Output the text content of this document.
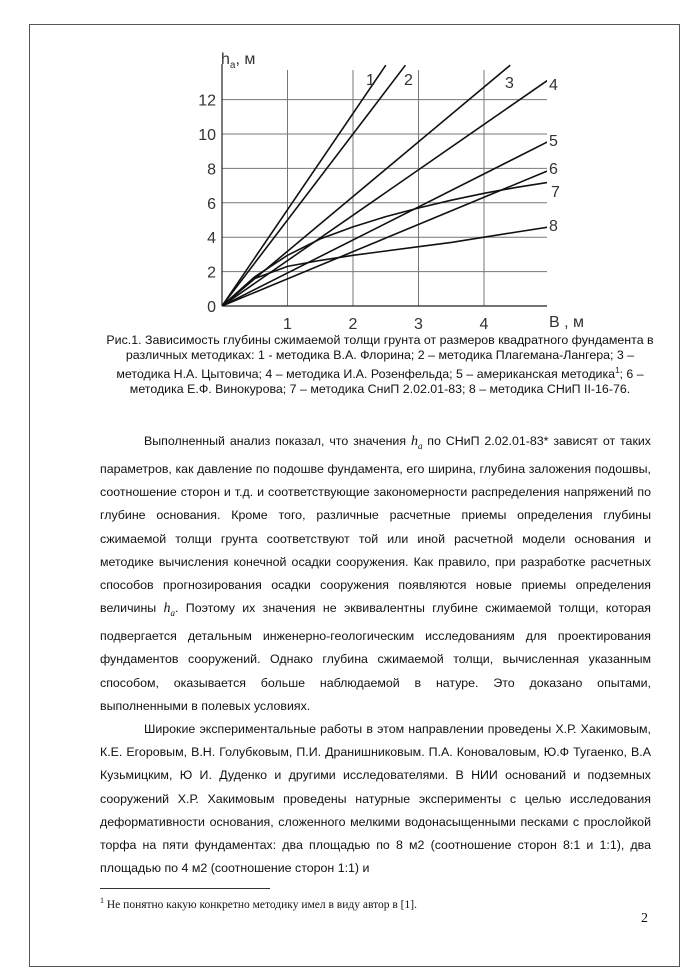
0
2
4
6
8
10
12
1	2	3	4	B , м
$h_a$, м
1 2	3 4
5
6
7
8
Рис.1. Зависимость глубины сжимаемой толщи грунта от размеров квадратного фундамента в различных методиках: 1 - методика В.А. Флорина; 2 – методика Плагемана-Лангера; 3 – методика Н.А. Цытовича; 4 – методика И.А. Розенфельда; 5 – американская методика$^1$; 6 – методика Е.Ф. Винокурова; 7 – методика СниП 2.02.01-83; 8 – методика СНиП II-16-76.

Выполненный анализ показал, что значения $h_a$ по СНиП 2.02.01-83* зависят от таких параметров, как давление по подошве фундамента, его ширина, глубина заложения подошвы, соотношение сторон и т.д. и соответствующие закономерности распределения напряжений по глубине основания. Кроме того, различные расчетные приемы определения глубины сжимаемой толщи грунта соответствуют той или иной расчетной модели основания и методике вычисления конечной осадки сооружения. Как правило, при разработке расчетных способов прогнозирования осадки сооружения появляются новые приемы определения величины $h_a$. Поэтому их значения не эквивалентны глубине сжимаемой толщи, которая подвергается детальным инженерно-геологическим исследованиям для проектирования фундаментов сооружений. Однако глубина сжимаемой толщи, вычисленная указанным способом, оказывается больше наблюдаемой в натуре. Это доказано опытами, выполненными в полевых условиях.

Широкие экспериментальные работы в этом направлении проведены Х.Р. Хакимовым, К.Е. Егоровым, В.Н. Голубковым, П.И. Дранишниковым. П.А. Коноваловым, Ю.Ф Тугаенко, В.А Кузьмицким, Ю И. Дуденко и другими исследователями. В НИИ оснований и подземных сооружений Х.Р. Хакимовым проведены натурные эксперименты с целью исследования деформативности основания, сложенного мелкими водонасыщенными песками с прослойкой торфа на пяти фундаментах: два площадью по 8 м2 (соотношение сторон 8:1 и 1:1), два площадью по 4 м2 (соотношение сторон 1:1) и

$^1$ Не понятно какую конкретно методику имел в виду автор в [1].
2
